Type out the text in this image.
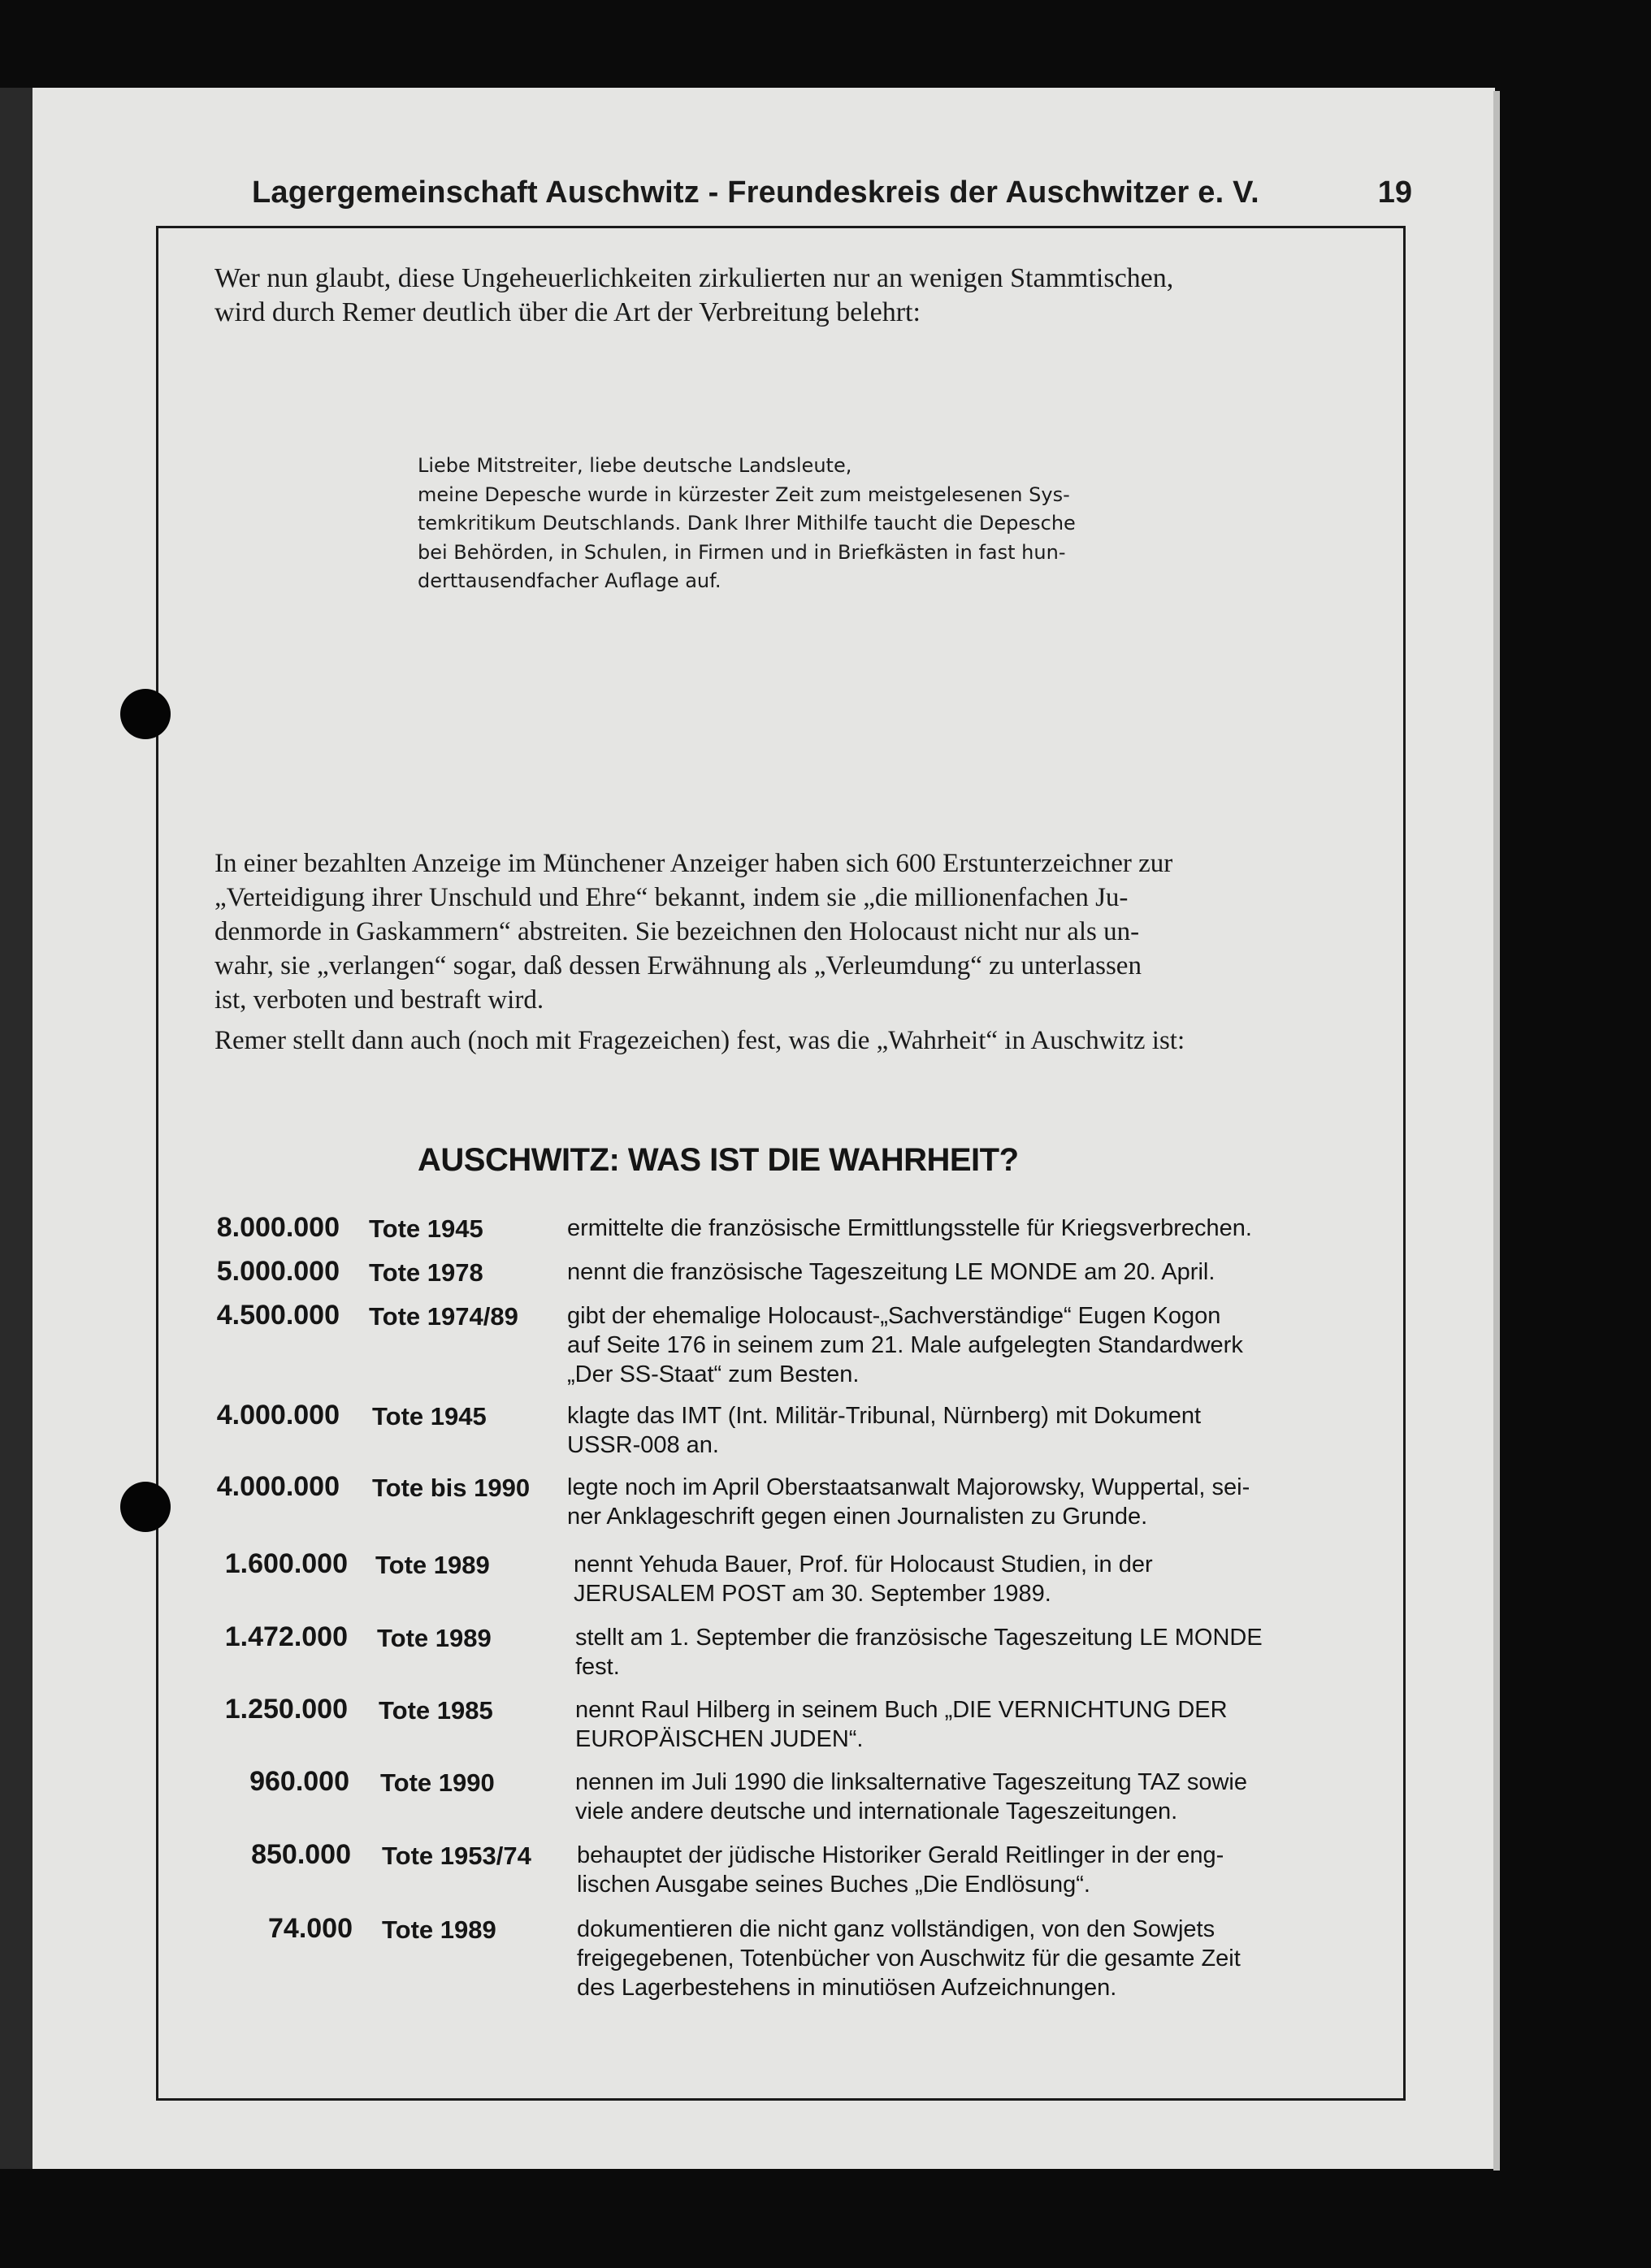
Lagergemeinschaft Auschwitz - Freundeskreis der Auschwitzer e. V.	19

Wer nun glaubt, diese Ungeheuerlichkeiten zirkulierten nur an wenigen Stammtischen,
wird durch Remer deutlich über die Art der Verbreitung belehrt:

Liebe Mitstreiter, liebe deutsche Landsleute,
meine Depesche wurde in kürzester Zeit zum meistgelesenen Sys-
temkritikum Deutschlands. Dank Ihrer Mithilfe taucht die Depesche
bei Behörden, in Schulen, in Firmen und in Briefkästen in fast hun-
derttausendfacher Auflage auf.

In einer bezahlten Anzeige im Münchener Anzeiger haben sich 600 Erstunterzeichner zur
„Verteidigung ihrer Unschuld und Ehre“ bekannt, indem sie „die millionenfachen Ju-
denmorde in Gaskammern“ abstreiten. Sie bezeichnen den Holocaust nicht nur als un-
wahr, sie „verlangen“ sogar, daß dessen Erwähnung als „Verleumdung“ zu unterlassen
ist, verboten und bestraft wird.

Remer stellt dann auch (noch mit Fragezeichen) fest, was die „Wahrheit“ in Auschwitz ist:

AUSCHWITZ: WAS IST DIE WAHRHEIT?
8.000.000 Tote 1945	ermittelte die französische Ermittlungsstelle für Kriegsverbrechen.
5.000.000 Tote 1978	nennt die französische Tageszeitung LE MONDE am 20. April.
4.500.000 Tote 1974/89	gibt der ehemalige Holocaust-„Sachverständige“ Eugen Kogon
auf Seite 176 in seinem zum 21. Male aufgelegten Standardwerk
„Der SS-Staat“ zum Besten.
4.000.000 Tote 1945	klagte das IMT (Int. Militär-Tribunal, Nürnberg) mit Dokument
USSR-008 an.
4.000.000 Tote bis 1990	legte noch im April Oberstaatsanwalt Majorowsky, Wuppertal, sei-
ner Anklageschrift gegen einen Journalisten zu Grunde.
1.600.000 Tote 1989	nennt Yehuda Bauer, Prof. für Holocaust Studien, in der
JERUSALEM POST am 30. September 1989.
1.472.000 Tote 1989	stellt am 1. September die französische Tageszeitung LE MONDE
fest.
1.250.000 Tote 1985	nennt Raul Hilberg in seinem Buch „DIE VERNICHTUNG DER
EUROPÄISCHEN JUDEN“.
960.000 Tote 1990	nennen im Juli 1990 die linksalternative Tageszeitung TAZ sowie
viele andere deutsche und internationale Tageszeitungen.
850.000 Tote 1953/74	behauptet der jüdische Historiker Gerald Reitlinger in der eng-
lischen Ausgabe seines Buches „Die Endlösung“.
74.000 Tote 1989	dokumentieren die nicht ganz vollständigen, von den Sowjets
freigegebenen, Totenbücher von Auschwitz für die gesamte Zeit
des Lagerbestehens in minutiösen Aufzeichnungen.
